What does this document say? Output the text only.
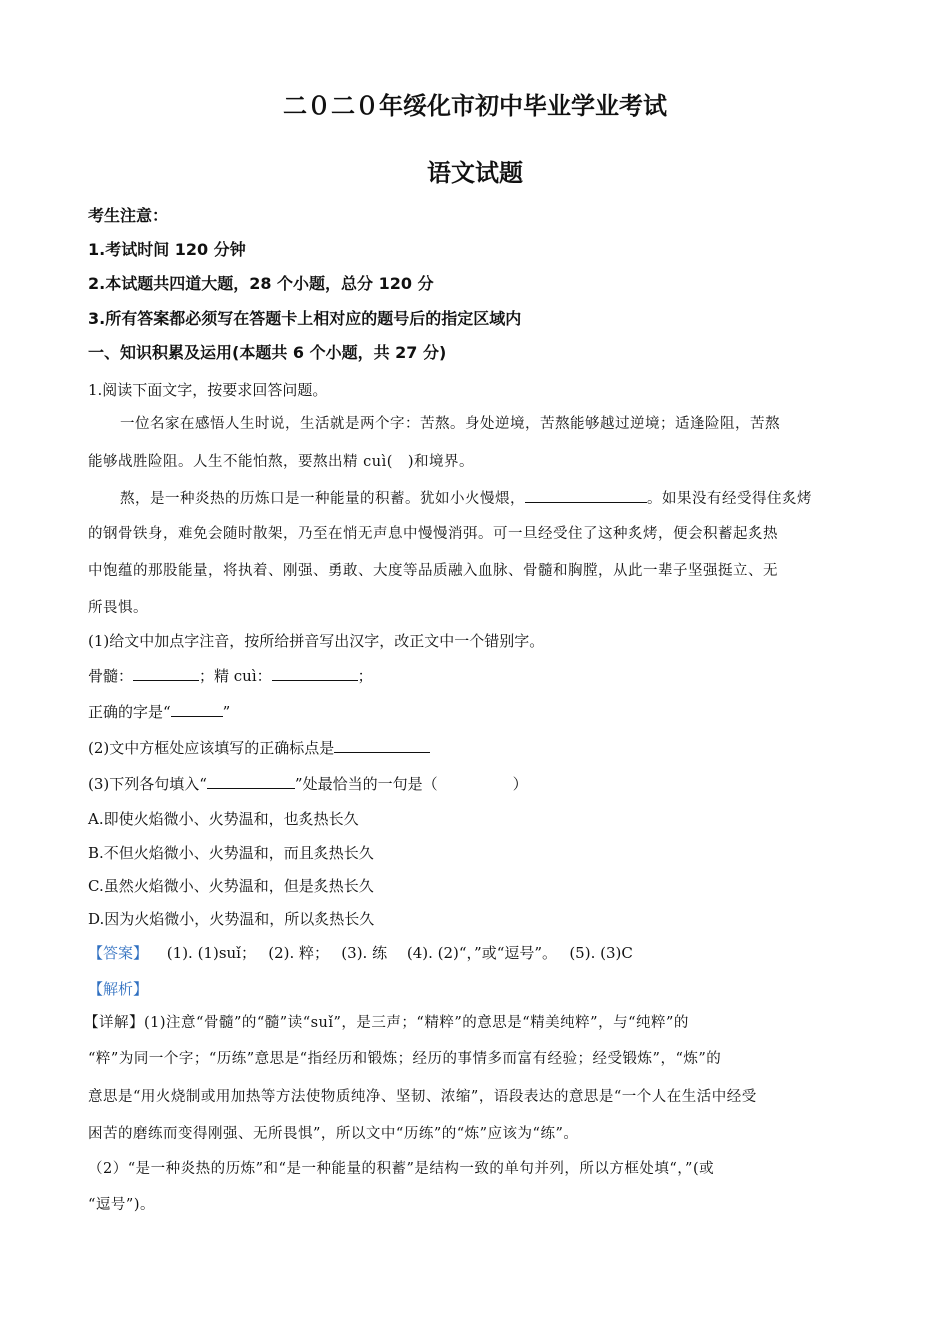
二０二０年绥化市初中毕业学业考试
语文试题
考生注意：
1.考试时间 120 分钟
2.本试题共四道大题，28 个小题，总分 120 分
3.所有答案都必须写在答题卡上相对应的题号后的指定区域内
一、知识积累及运用(本题共 6 个小题，共 27 分)
1.阅读下面文字，按要求回答问题。
一位名家在感悟人生时说，生活就是两个字：苦熬。身处逆境，苦熬能够越过逆境；适逢险阻，苦熬
能够战胜险阻。人生不能怕熬，要熬出精 cuì(　)和境界。
熬，是一种炎热的历炼口是一种能量的积蓄。犹如小火慢煨，	。如果没有经受得住炙烤
的钢骨铁身，难免会随时散架，乃至在悄无声息中慢慢消弭。可一旦经受住了这种炙烤，便会积蓄起炙热
中饱蕴的那股能量，将执着、刚强、勇敢、大度等品质融入血脉、骨髓和胸膛，从此一辈子坚强挺立、无
所畏惧。
(1)给文中加点字注音，按所给拼音写出汉字，改正文中一个错别字。
骨髓：	；精 cuì：	；
正确的字是“	”
(2)文中方框处应该填写的正确标点是
(3)下列各句填入“	”处最恰当的一句是（　　　　　）
A.即使火焰微小、火势温和，也炙热长久
B.不但火焰微小、火势温和，而且炙热长久
C.虽然火焰微小、火势温和，但是炙热长久
D.因为火焰微小，火势温和，所以炙热长久
【答案】 (1). (1)suǐ；　 (2). 粹；　 (3). 练　 (4). (2)“，”或“逗号”。　 (5). (3)C
【解析】
【详解】(1)注意“骨髓”的“髓”读“suǐ”，是三声；“精粹”的意思是“精美纯粹”，与“纯粹”的
“粹”为同一个字；“历练”意思是“指经历和锻炼；经历的事情多而富有经验；经受锻炼”，“炼”的
意思是“用火烧制或用加热等方法使物质纯净、坚韧、浓缩”，语段表达的意思是“一个人在生活中经受
困苦的磨练而变得刚强、无所畏惧”，所以文中“历练”的“炼”应该为“练”。
（2）“是一种炎热的历炼”和“是一种能量的积蓄”是结构一致的单句并列，所以方框处填“，”(或
“逗号”)。
